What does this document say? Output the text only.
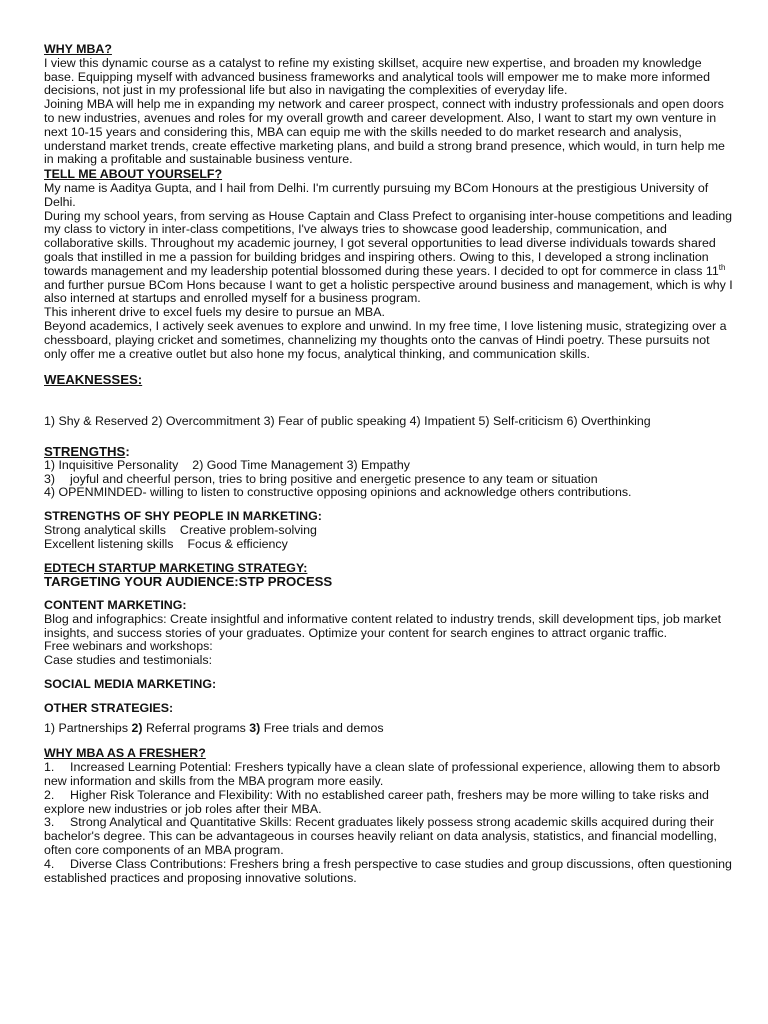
WHY MBA?

I view this dynamic course as a catalyst to refine my existing skillset, acquire new expertise, and broaden my knowledge base. Equipping myself with advanced business frameworks and analytical tools will empower me to make more informed decisions, not just in my professional life but also in navigating the complexities of everyday life.

Joining MBA will help me in expanding my network and career prospect, connect with industry professionals and open doors to new industries, avenues and roles for my overall growth and career development. Also, I want to start my own venture in next 10-15 years and considering this, MBA can equip me with the skills needed to do market research and analysis, understand market trends, create effective marketing plans, and build a strong brand presence, which would, in turn help me in making a profitable and sustainable business venture.

TELL ME ABOUT YOURSELF?

My name is Aaditya Gupta, and I hail from Delhi. I'm currently pursuing my BCom Honours at the prestigious University of Delhi.

During my school years, from serving as House Captain and Class Prefect to organising inter-house competitions and leading my class to victory in inter-class competitions, I've always tries to showcase good leadership, communication, and collaborative skills. Throughout my academic journey, I got several opportunities to lead diverse individuals towards shared goals that instilled in me a passion for building bridges and inspiring others. Owing to this, I developed a strong inclination towards management and my leadership potential blossomed during these years. I decided to opt for commerce in class 11th and further pursue BCom Hons because I want to get a holistic perspective around business and management, which is why I also interned at startups and enrolled myself for a business program.

This inherent drive to excel fuels my desire to pursue an MBA.

Beyond academics, I actively seek avenues to explore and unwind. In my free time, I love listening music, strategizing over a chessboard, playing cricket and sometimes, channelizing my thoughts onto the canvas of Hindi poetry. These pursuits not only offer me a creative outlet but also hone my focus, analytical thinking, and communication skills.

WEAKNESSES:

1) Shy & Reserved 2) Overcommitment 3) Fear of public speaking 4) Impatient 5) Self-criticism 6) Overthinking

STRENGTHS:

1) Inquisitive Personality 2) Good Time Management 3) Empathy

3) joyful and cheerful person, tries to bring positive and energetic presence to any team or situation

4) OPENMINDED- willing to listen to constructive opposing opinions and acknowledge others contributions.

STRENGTHS OF SHY PEOPLE IN MARKETING:

Strong analytical skills Creative problem-solving

Excellent listening skills Focus & efficiency

EDTECH STARTUP MARKETING STRATEGY:

TARGETING YOUR AUDIENCE:STP PROCESS

CONTENT MARKETING:

Blog and infographics: Create insightful and informative content related to industry trends, skill development tips, job market insights, and success stories of your graduates. Optimize your content for search engines to attract organic traffic.

Free webinars and workshops:

Case studies and testimonials:

SOCIAL MEDIA MARKETING:

OTHER STRATEGIES:

1) Partnerships 2) Referral programs 3) Free trials and demos

WHY MBA AS A FRESHER?

1. Increased Learning Potential: Freshers typically have a clean slate of professional experience, allowing them to absorb new information and skills from the MBA program more easily.

2. Higher Risk Tolerance and Flexibility: With no established career path, freshers may be more willing to take risks and explore new industries or job roles after their MBA.

3. Strong Analytical and Quantitative Skills: Recent graduates likely possess strong academic skills acquired during their bachelor's degree. This can be advantageous in courses heavily reliant on data analysis, statistics, and financial modelling, often core components of an MBA program.

4. Diverse Class Contributions: Freshers bring a fresh perspective to case studies and group discussions, often questioning established practices and proposing innovative solutions.
